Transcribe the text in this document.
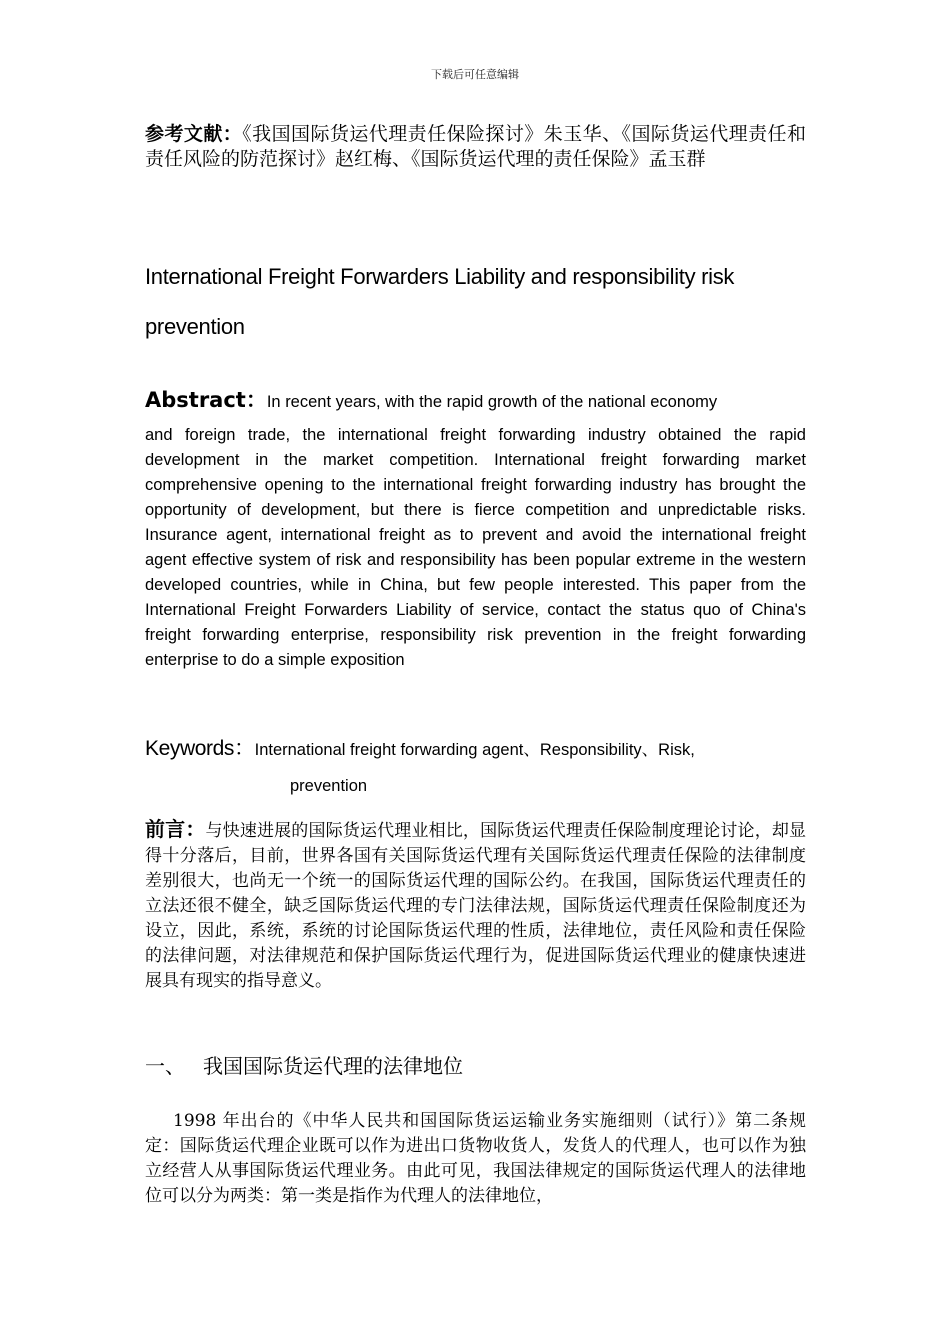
下载后可任意编辑
参考文献：《我国国际货运代理责任保险探讨》朱玉华、《国际货运代理责任和责任风险的防范探讨》赵红梅、《国际货运代理的责任保险》孟玉群
International Freight Forwarders Liability and responsibility risk prevention
Abstract：In recent years, with the rapid growth of the national economy
and foreign trade, the international freight forwarding industry obtained the rapid development in the market competition. International freight forwarding market comprehensive opening to the international freight forwarding industry has brought the opportunity of development, but there is fierce competition and unpredictable risks. Insurance agent, international freight as to prevent and avoid the international freight agent effective system of risk and responsibility has been popular extreme in the western developed countries, while in China, but few people interested. This paper from the International Freight Forwarders Liability of service, contact the status quo of China's freight forwarding enterprise, responsibility risk prevention in the freight forwarding enterprise to do a simple exposition
Keywords：International freight forwarding agent、Responsibility、Risk,
prevention
前言：与快速进展的国际货运代理业相比，国际货运代理责任保险制度理论讨论，却显得十分落后，目前，世界各国有关国际货运代理有关国际货运代理责任保险的法律制度差别很大，也尚无一个统一的国际货运代理的国际公约。在我国，国际货运代理责任的立法还很不健全，缺乏国际货运代理的专门法律法规，国际货运代理责任保险制度还为设立，因此，系统，系统的讨论国际货运代理的性质，法律地位，责任风险和责任保险的法律问题，对法律规范和保护国际货运代理行为，促进国际货运代理业的健康快速进展具有现实的指导意义。
一、 我国国际货运代理的法律地位
1998 年出台的《中华人民共和国国际货运运输业务实施细则（试行）》第二条规定：国际货运代理企业既可以作为进出口货物收货人，发货人的代理人，也可以作为独立经营人从事国际货运代理业务。由此可见，我国法律规定的国际货运代理人的法律地位可以分为两类：第一类是指作为代理人的法律地位，
